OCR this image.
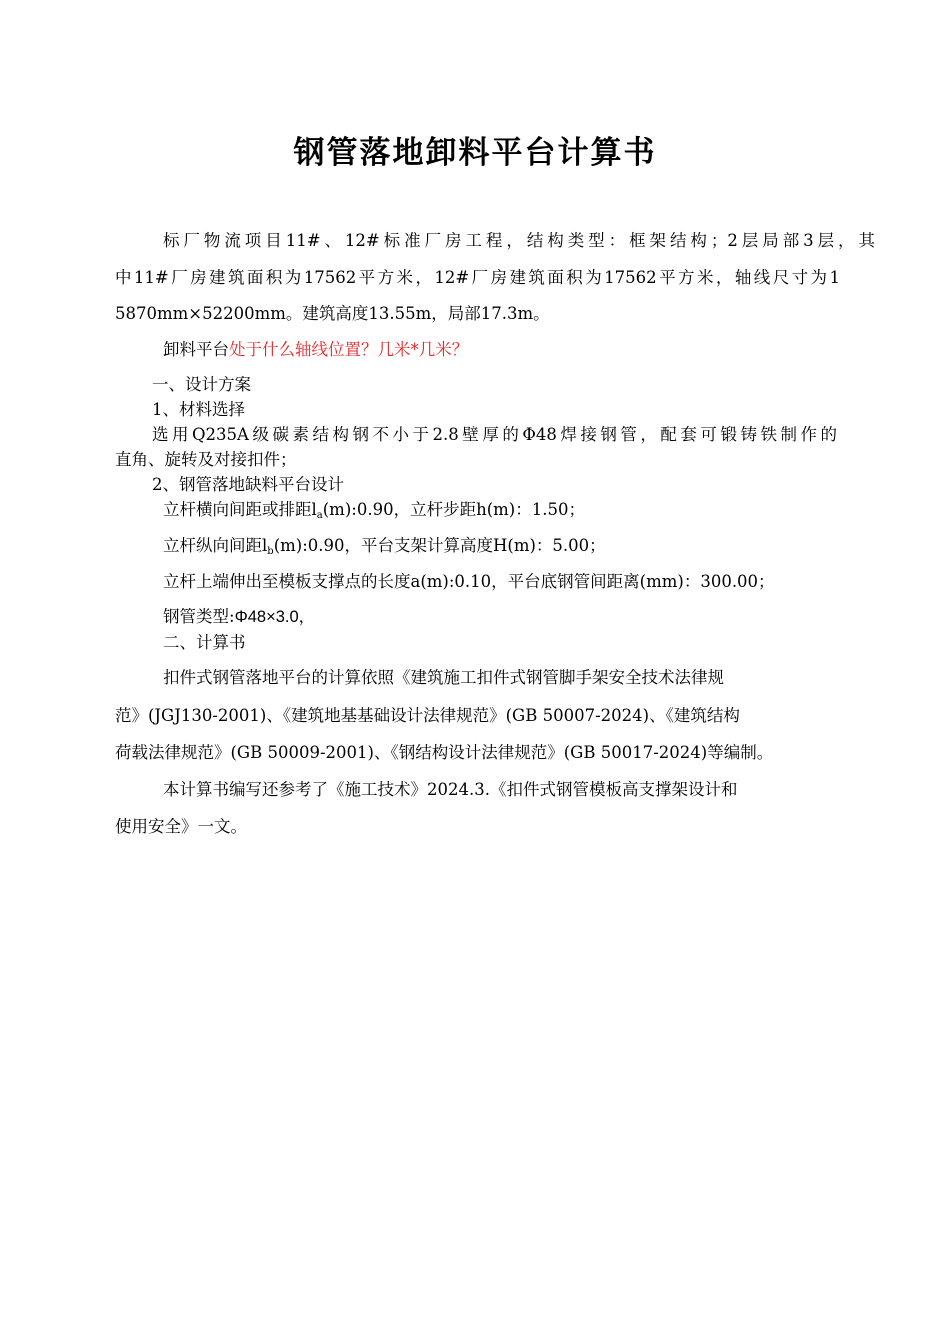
钢管落地卸料平台计算书
标厂物流项目11#、12#标准厂房工程，结构类型：框架结构；2层局部3层，其
中11#厂房建筑面积为17562平方米，12#厂房建筑面积为17562平方米，轴线尺寸为1
5870mm×52200mm。建筑高度13.55m，局部17.3m。
卸料平台处于什么轴线位置？几米*几米？
一、设计方案
1、材料选择
选用Q235A级碳素结构钢不小于2.8壁厚的Φ48焊接钢管，配套可锻铸铁制作的
直角、旋转及对接扣件；
2、钢管落地缺料平台设计
立杆横向间距或排距$l_a(m):0.90$，立杆步距h(m)：1.50；
立杆纵向间距$l_b(m):0.90$，平台支架计算高度H(m)：5.00；
立杆上端伸出至模板支撑点的长度a(m):0.10，平台底钢管间距离(mm)：300.00；
钢管类型:Φ48×3.0，
二、计算书
扣件式钢管落地平台的计算依照《建筑施工扣件式钢管脚手架安全技术法律规
范》(JGJ130-2001)、《建筑地基基础设计法律规范》(GB 50007-2024)、《建筑结构
荷载法律规范》(GB 50009-2001)、《钢结构设计法律规范》(GB 50017-2024)等编制。
本计算书编写还参考了《施工技术》2024.3.《扣件式钢管模板高支撑架设计和
使用安全》一文。
